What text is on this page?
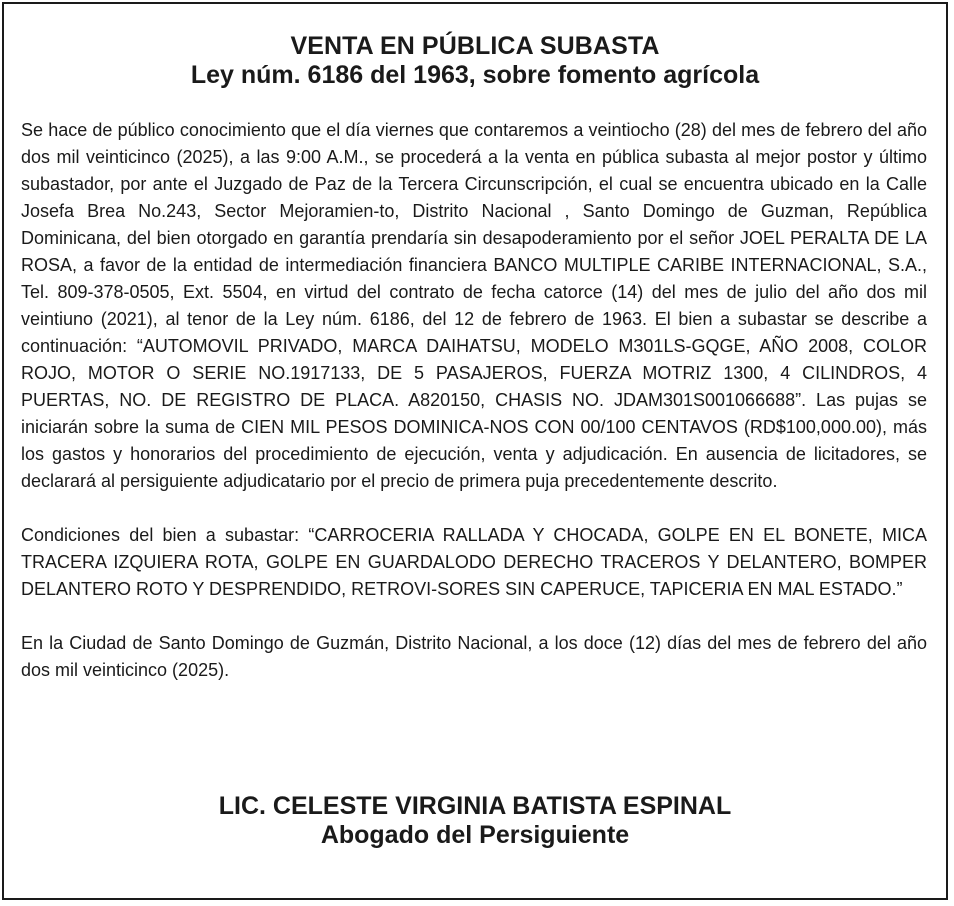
VENTA EN PÚBLICA SUBASTA
Ley núm. 6186 del 1963, sobre fomento agrícola

Se hace de público conocimiento que el día viernes que contaremos a veintiocho (28) del mes de febrero del año dos mil veinticinco (2025), a las 9:00 A.M., se procederá a la venta en pública subasta al mejor postor y último subastador, por ante el Juzgado de Paz de la Tercera Circunscripción, el cual se encuentra ubicado en la Calle Josefa Brea No.243, Sector Mejoramien-to, Distrito Nacional , Santo Domingo de Guzman, República Dominicana, del bien otorgado en garantía prendaría sin desapoderamiento por el señor JOEL PERALTA DE LA ROSA, a favor de la entidad de intermediación financiera BANCO MULTIPLE CARIBE INTERNACIONAL, S.A., Tel. 809-378-0505, Ext. 5504, en virtud del contrato de fecha catorce (14) del mes de julio del año dos mil veintiuno (2021), al tenor de la Ley núm. 6186, del 12 de febrero de 1963. El bien a subastar se describe a continuación: “AUTOMOVIL PRIVADO, MARCA DAIHATSU, MODELO M301LS-GQGE, AÑO 2008, COLOR ROJO, MOTOR O SERIE NO.1917133, DE 5 PASAJEROS, FUERZA MOTRIZ 1300, 4 CILINDROS, 4 PUERTAS, NO. DE REGISTRO DE PLACA. A820150, CHASIS NO. JDAM301S001066688”. Las pujas se iniciarán sobre la suma de CIEN MIL PESOS DOMINICA-NOS CON 00/100 CENTAVOS (RD$100,000.00), más los gastos y honorarios del procedimiento de ejecución, venta y adjudicación. En ausencia de licitadores, se declarará al persiguiente adjudicatario por el precio de primera puja precedentemente descrito.

Condiciones del bien a subastar: “CARROCERIA RALLADA Y CHOCADA, GOLPE EN EL BONETE, MICA TRACERA IZQUIERA ROTA, GOLPE EN GUARDALODO DERECHO TRACEROS Y DELANTERO, BOMPER DELANTERO ROTO Y DESPRENDIDO, RETROVI-SORES SIN CAPERUCE, TAPICERIA EN MAL ESTADO.”

En la Ciudad de Santo Domingo de Guzmán, Distrito Nacional, a los doce (12) días del mes de febrero del año dos mil veinticinco (2025).

LIC. CELESTE VIRGINIA BATISTA ESPINAL
Abogado del Persiguiente
